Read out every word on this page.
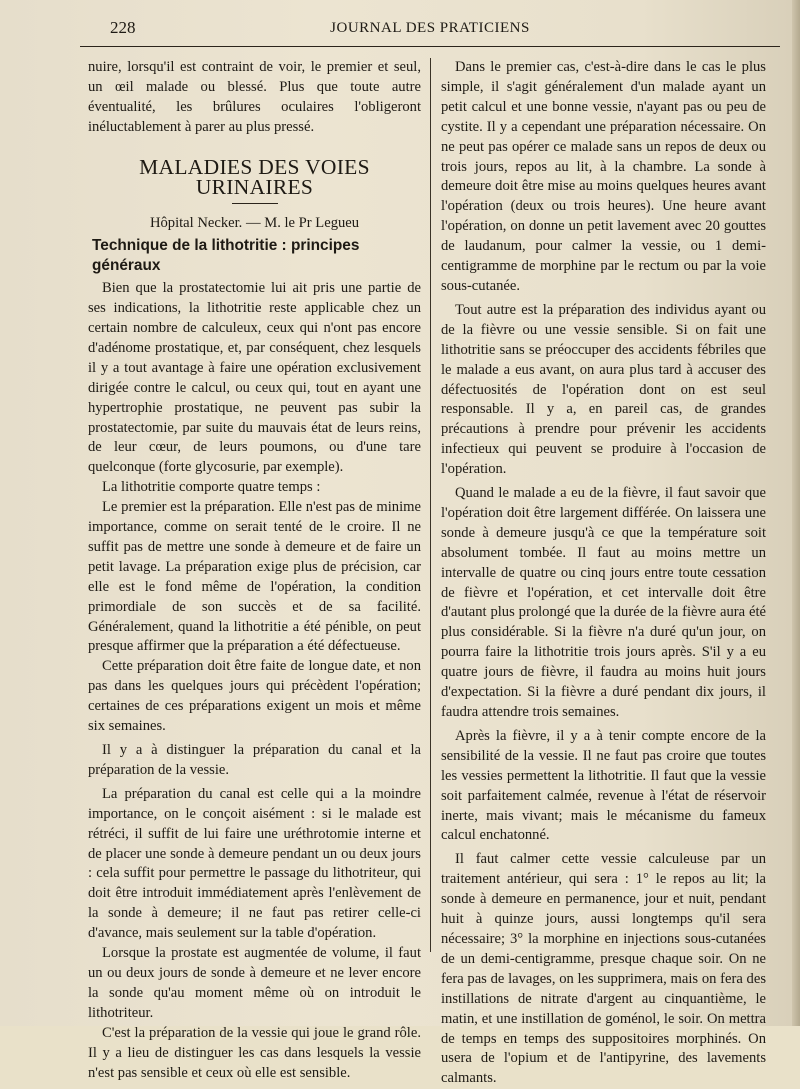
228	JOURNAL DES PRATICIENS

nuire, lorsqu'il est contraint de voir, le premier et seul, un œil malade ou blessé. Plus que toute autre éventualité, les brûlures oculaires l'obligeront inéluctablement à parer au plus pressé.

MALADIES DES VOIES URINAIRES
Hôpital Necker. — M. le Pr Legueu
Technique de la lithotritie : principes généraux

Bien que la prostatectomie lui ait pris une partie de ses indications, la lithotritie reste applicable chez un certain nombre de calculeux, ceux qui n'ont pas encore d'adénome prostatique, et, par conséquent, chez lesquels il y a tout avantage à faire une opération exclusivement dirigée contre le calcul, ou ceux qui, tout en ayant une hypertrophie prostatique, ne peuvent pas subir la prostatectomie, par suite du mauvais état de leurs reins, de leur cœur, de leurs poumons, ou d'une tare quelconque (forte glycosurie, par exemple).

La lithotritie comporte quatre temps :

Le premier est la préparation. Elle n'est pas de minime importance, comme on serait tenté de le croire. Il ne suffit pas de mettre une sonde à demeure et de faire un petit lavage. La préparation exige plus de précision, car elle est le fond même de l'opération, la condition primordiale de son succès et de sa facilité. Généralement, quand la lithotritie a été pénible, on peut presque affirmer que la préparation a été défectueuse.

Cette préparation doit être faite de longue date, et non pas dans les quelques jours qui précèdent l'opération; certaines de ces préparations exigent un mois et même six semaines.

Il y a à distinguer la préparation du canal et la préparation de la vessie.

La préparation du canal est celle qui a la moindre importance, on le conçoit aisément : si le malade est rétréci, il suffit de lui faire une uréthrotomie interne et de placer une sonde à demeure pendant un ou deux jours : cela suffit pour permettre le passage du lithotriteur, qui doit être introduit immédiatement après l'enlèvement de la sonde à demeure; il ne faut pas retirer celle-ci d'avance, mais seulement sur la table d'opération.

Lorsque la prostate est augmentée de volume, il faut un ou deux jours de sonde à demeure et ne lever encore la sonde qu'au moment même où on introduit le lithotriteur.

C'est la préparation de la vessie qui joue le grand rôle. Il y a lieu de distinguer les cas dans lesquels la vessie n'est pas sensible et ceux où elle est sensible.

Dans le premier cas, c'est-à-dire dans le cas le plus simple, il s'agit généralement d'un malade ayant un petit calcul et une bonne vessie, n'ayant pas ou peu de cystite. Il y a cependant une préparation nécessaire. On ne peut pas opérer ce malade sans un repos de deux ou trois jours, repos au lit, à la chambre. La sonde à demeure doit être mise au moins quelques heures avant l'opération (deux ou trois heures). Une heure avant l'opération, on donne un petit lavement avec 20 gouttes de laudanum, pour calmer la vessie, ou 1 demi-centigramme de morphine par le rectum ou par la voie sous-cutanée.

Tout autre est la préparation des individus ayant ou de la fièvre ou une vessie sensible. Si on fait une lithotritie sans se préoccuper des accidents fébriles que le malade a eus avant, on aura plus tard à accuser des défectuosités de l'opération dont on est seul responsable. Il y a, en pareil cas, de grandes précautions à prendre pour prévenir les accidents infectieux qui peuvent se produire à l'occasion de l'opération.

Quand le malade a eu de la fièvre, il faut savoir que l'opération doit être largement différée. On laissera une sonde à demeure jusqu'à ce que la température soit absolument tombée. Il faut au moins mettre un intervalle de quatre ou cinq jours entre toute cessation de fièvre et l'opération, et cet intervalle doit être d'autant plus prolongé que la durée de la fièvre aura été plus considérable. Si la fièvre n'a duré qu'un jour, on pourra faire la lithotritie trois jours après. S'il y a eu quatre jours de fièvre, il faudra au moins huit jours d'expectation. Si la fièvre a duré pendant dix jours, il faudra attendre trois semaines.

Après la fièvre, il y a à tenir compte encore de la sensibilité de la vessie. Il ne faut pas croire que toutes les vessies permettent la lithotritie. Il faut que la vessie soit parfaitement calmée, revenue à l'état de réservoir inerte, mais vivant; mais le mécanisme du fameux calcul enchatonné.

Il faut calmer cette vessie calculeuse par un traitement antérieur, qui sera : 1° le repos au lit; la sonde à demeure en permanence, jour et nuit, pendant huit à quinze jours, aussi longtemps qu'il sera nécessaire; 3° la morphine en injections sous-cutanées de un demi-centigramme, presque chaque soir. On ne fera pas de lavages, on les supprimera, mais on fera des instillations de nitrate d'argent au cinquantième, le matin, et une instillation de goménol, le soir. On mettra de temps en temps des suppositoires morphinés. On usera de l'opium et de l'antipyrine, des lavements calmants.
